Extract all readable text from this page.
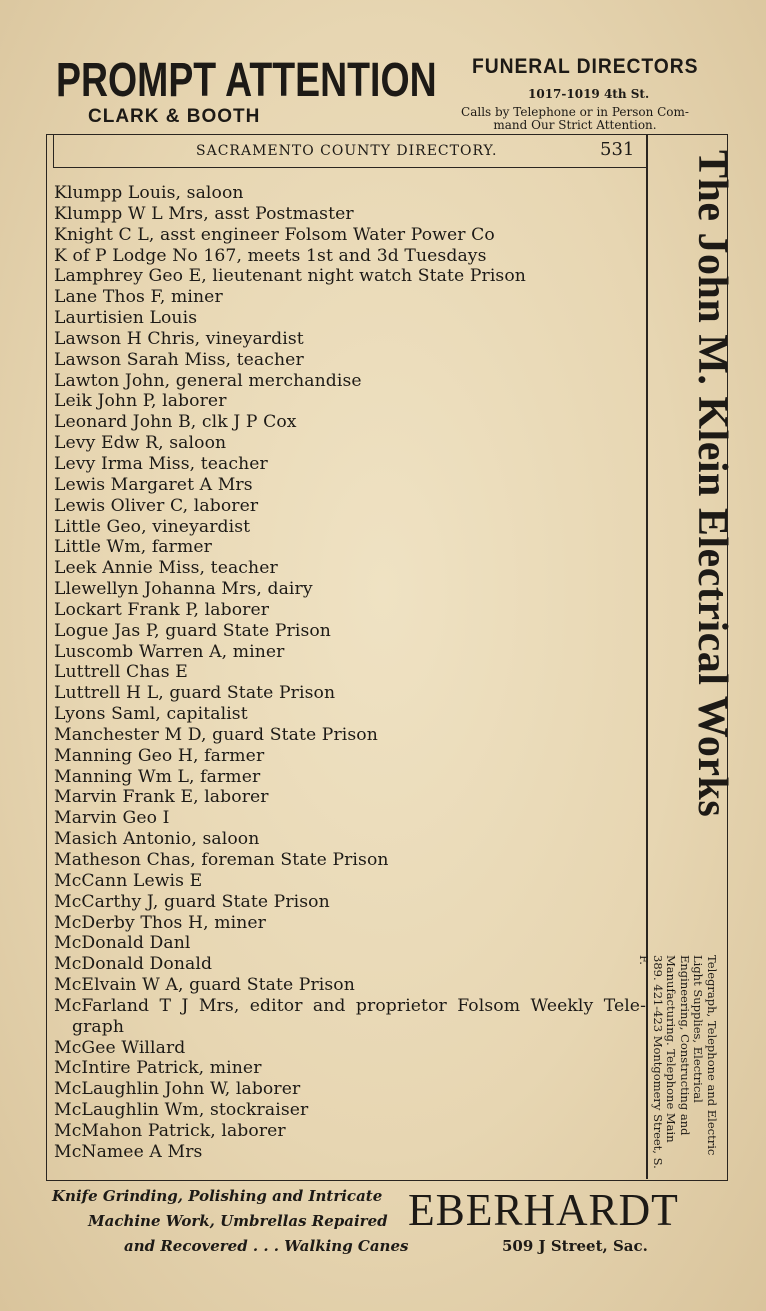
PROMPT ATTENTION
CLARK & BOOTH
FUNERAL DIRECTORS
1017-1019 4th St.
Calls by Telephone or in Person Com-
mand Our Strict Attention.
SACRAMENTO COUNTY DIRECTORY.	531
Klumpp Louis, saloon
Klumpp W L Mrs, asst Postmaster
Knight C L, asst engineer Folsom Water Power Co
K of P Lodge No 167, meets 1st and 3d Tuesdays
Lamphrey Geo E, lieutenant night watch State Prison
Lane Thos F, miner
Laurtisien Louis
Lawson H Chris, vineyardist
Lawson Sarah Miss, teacher
Lawton John, general merchandise
Leik John P, laborer
Leonard John B, clk J P Cox
Levy Edw R, saloon
Levy Irma Miss, teacher
Lewis Margaret A Mrs
Lewis Oliver C, laborer
Little Geo, vineyardist
Little Wm, farmer
Leek Annie Miss, teacher
Llewellyn Johanna Mrs, dairy
Lockart Frank P, laborer
Logue Jas P, guard State Prison
Luscomb Warren A, miner
Luttrell Chas E
Luttrell H L, guard State Prison
Lyons Saml, capitalist
Manchester M D, guard State Prison
Manning Geo H, farmer
Manning Wm L, farmer
Marvin Frank E, laborer
Marvin Geo I
Masich Antonio, saloon
Matheson Chas, foreman State Prison
McCann Lewis E
McCarthy J, guard State Prison
McDerby Thos H, miner
McDonald Danl
McDonald Donald
McElvain W A, guard State Prison
McFarland T J Mrs, editor and proprietor Folsom Weekly Tele-graph
McGee Willard
McIntire Patrick, miner
McLaughlin John W, laborer
McLaughlin Wm, stockraiser
McMahon Patrick, laborer
McNamee A Mrs
The John M. Klein Electrical Works
Telegraph, Telephone and Electric Light Supplies, Electrical Engineering, Constructing and Manufacturing. Telephone Main 389. 421-423 Montgomery Street, S. F.
Knife Grinding, Polishing and Intricate
Machine Work, Umbrellas Repaired
and Recovered . . . Walking Canes
EBERHARDT
509 J Street, Sac.
